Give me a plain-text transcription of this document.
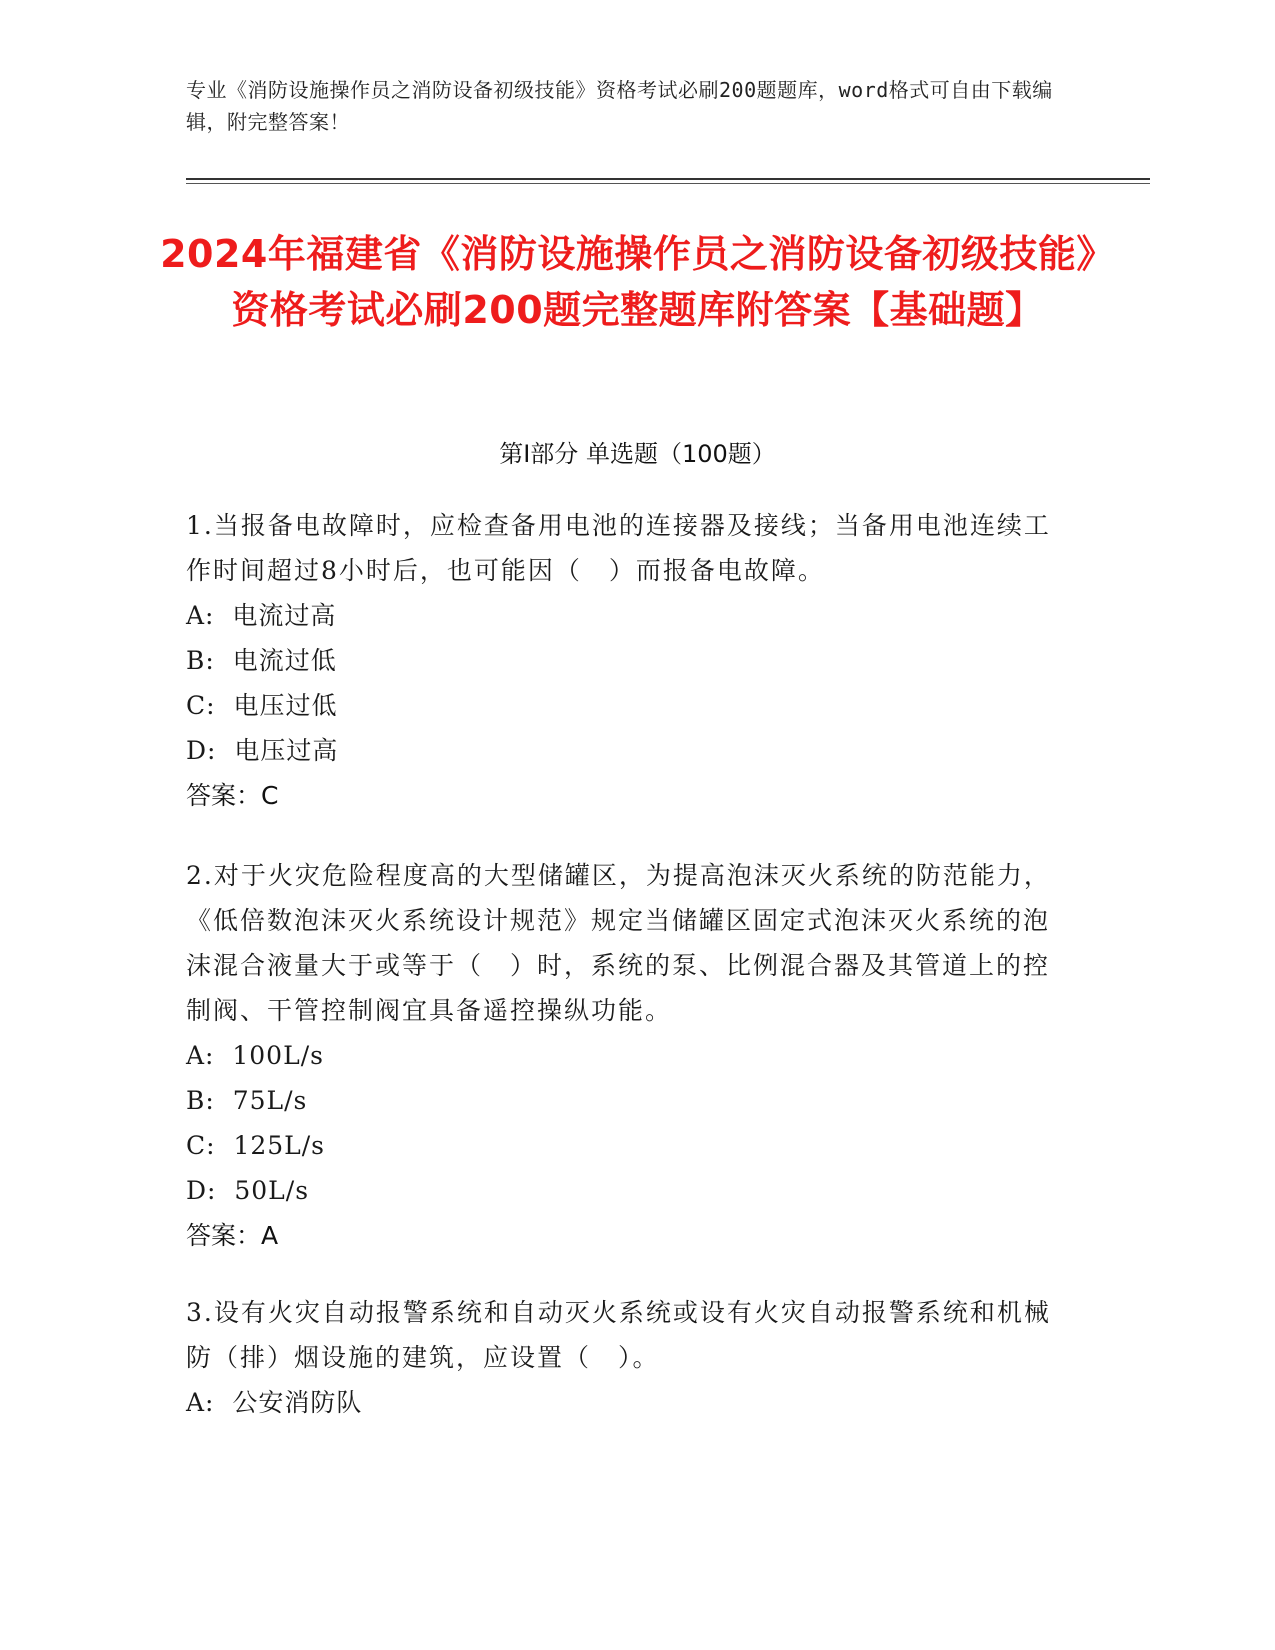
专业《消防设施操作员之消防设备初级技能》资格考试必刷200题题库，word格式可自由下载编辑，附完整答案！
2024年福建省《消防设施操作员之消防设备初级技能》资格考试必刷200题完整题库附答案【基础题】
第I部分 单选题（100题）

1.当报备电故障时，应检查备用电池的连接器及接线；当备用电池连续工作时间超过8小时后，也可能因（　）而报备电故障。

A:  电流过高

B:  电流过低

C:  电压过低

D:  电压过高

答案：C

2.对于火灾危险程度高的大型储罐区，为提高泡沫灭火系统的防范能力，《低倍数泡沫灭火系统设计规范》规定当储罐区固定式泡沫灭火系统的泡沫混合液量大于或等于（　）时，系统的泵、比例混合器及其管道上的控制阀、干管控制阀宜具备遥控操纵功能。

A:  100L/s

B:  75L/s

C:  125L/s

D:  50L/s

答案：A

3.设有火灾自动报警系统和自动灭火系统或设有火灾自动报警系统和机械防（排）烟设施的建筑，应设置（　）。

A:  公安消防队
